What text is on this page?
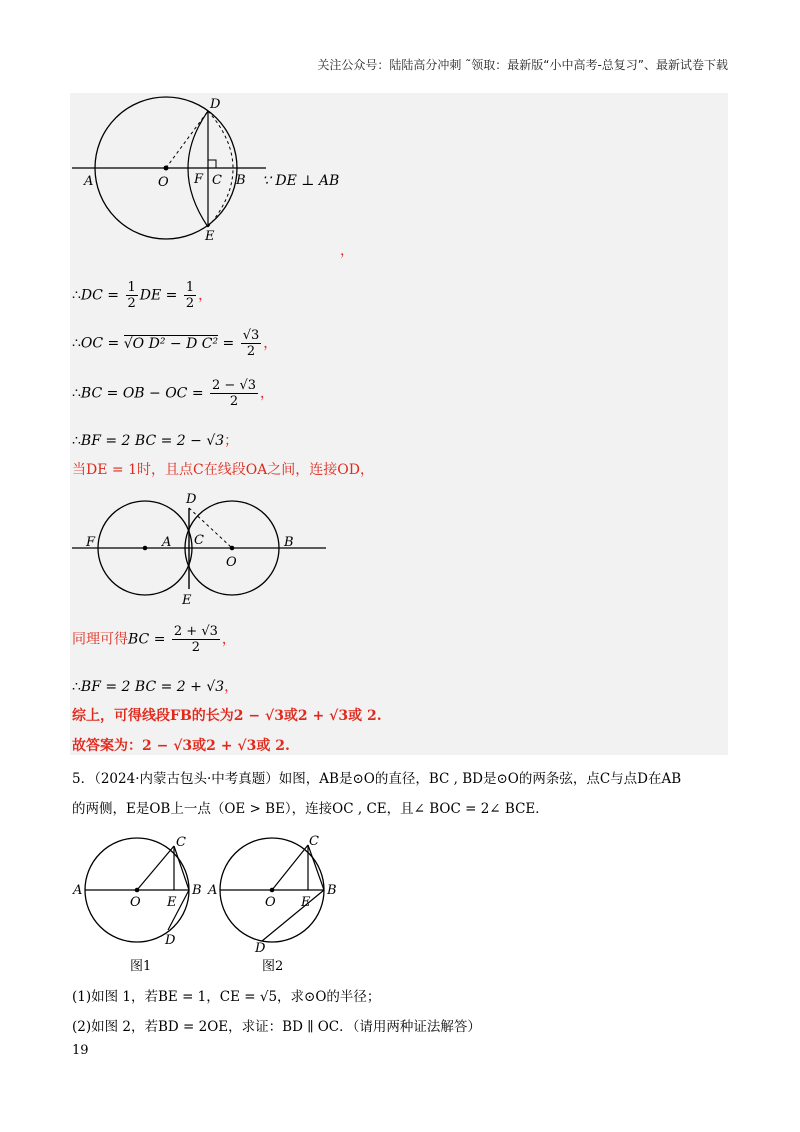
关注公众号：陆陆高分冲刺 ˜领取：最新版“小中高考-总复习”、最新试卷下载
A	O F C B
D
E
∵ DE ⊥ AB
，
∴DC = $\frac{1}{2}$ DE = $\frac{1}{2}$ ，
∴OC = √O D² − D $C^2 = \frac{√3}{2}$ ，
∴BC = OB − OC = $\frac{2 - √3}{2}$ ，
∴BF = 2 BC = 2 − √3；
当DE = 1时，且点C在线段OA之间，连接OD，
F	A C
D
O
B
E
同理可得BC = $\frac{2 + √3}{2}$ ，
∴BF = 2 BC = 2 + √3，
综上，可得线段FB的长为2 − √3或2 + √3或 2.
故答案为：2 − √3或2 + √3或 2.
5．（2024·内蒙古包头·中考真题）如图，AB是⊙O的直径，BC , BD是⊙O的两条弦，点C与点D在AB
的两侧，E是OB上一点（OE > BE），连接OC , CE，且∠ BOC = 2∠ BCE．
A
O E
B
C
D
图1
A
O E
B
C
D
图2
(1)如图 1，若BE = 1，CE = √5，求⊙O的半径；
(2)如图 2，若BD = 2OE，求证：BD ∥ OC．（请用两种证法解答）
19
